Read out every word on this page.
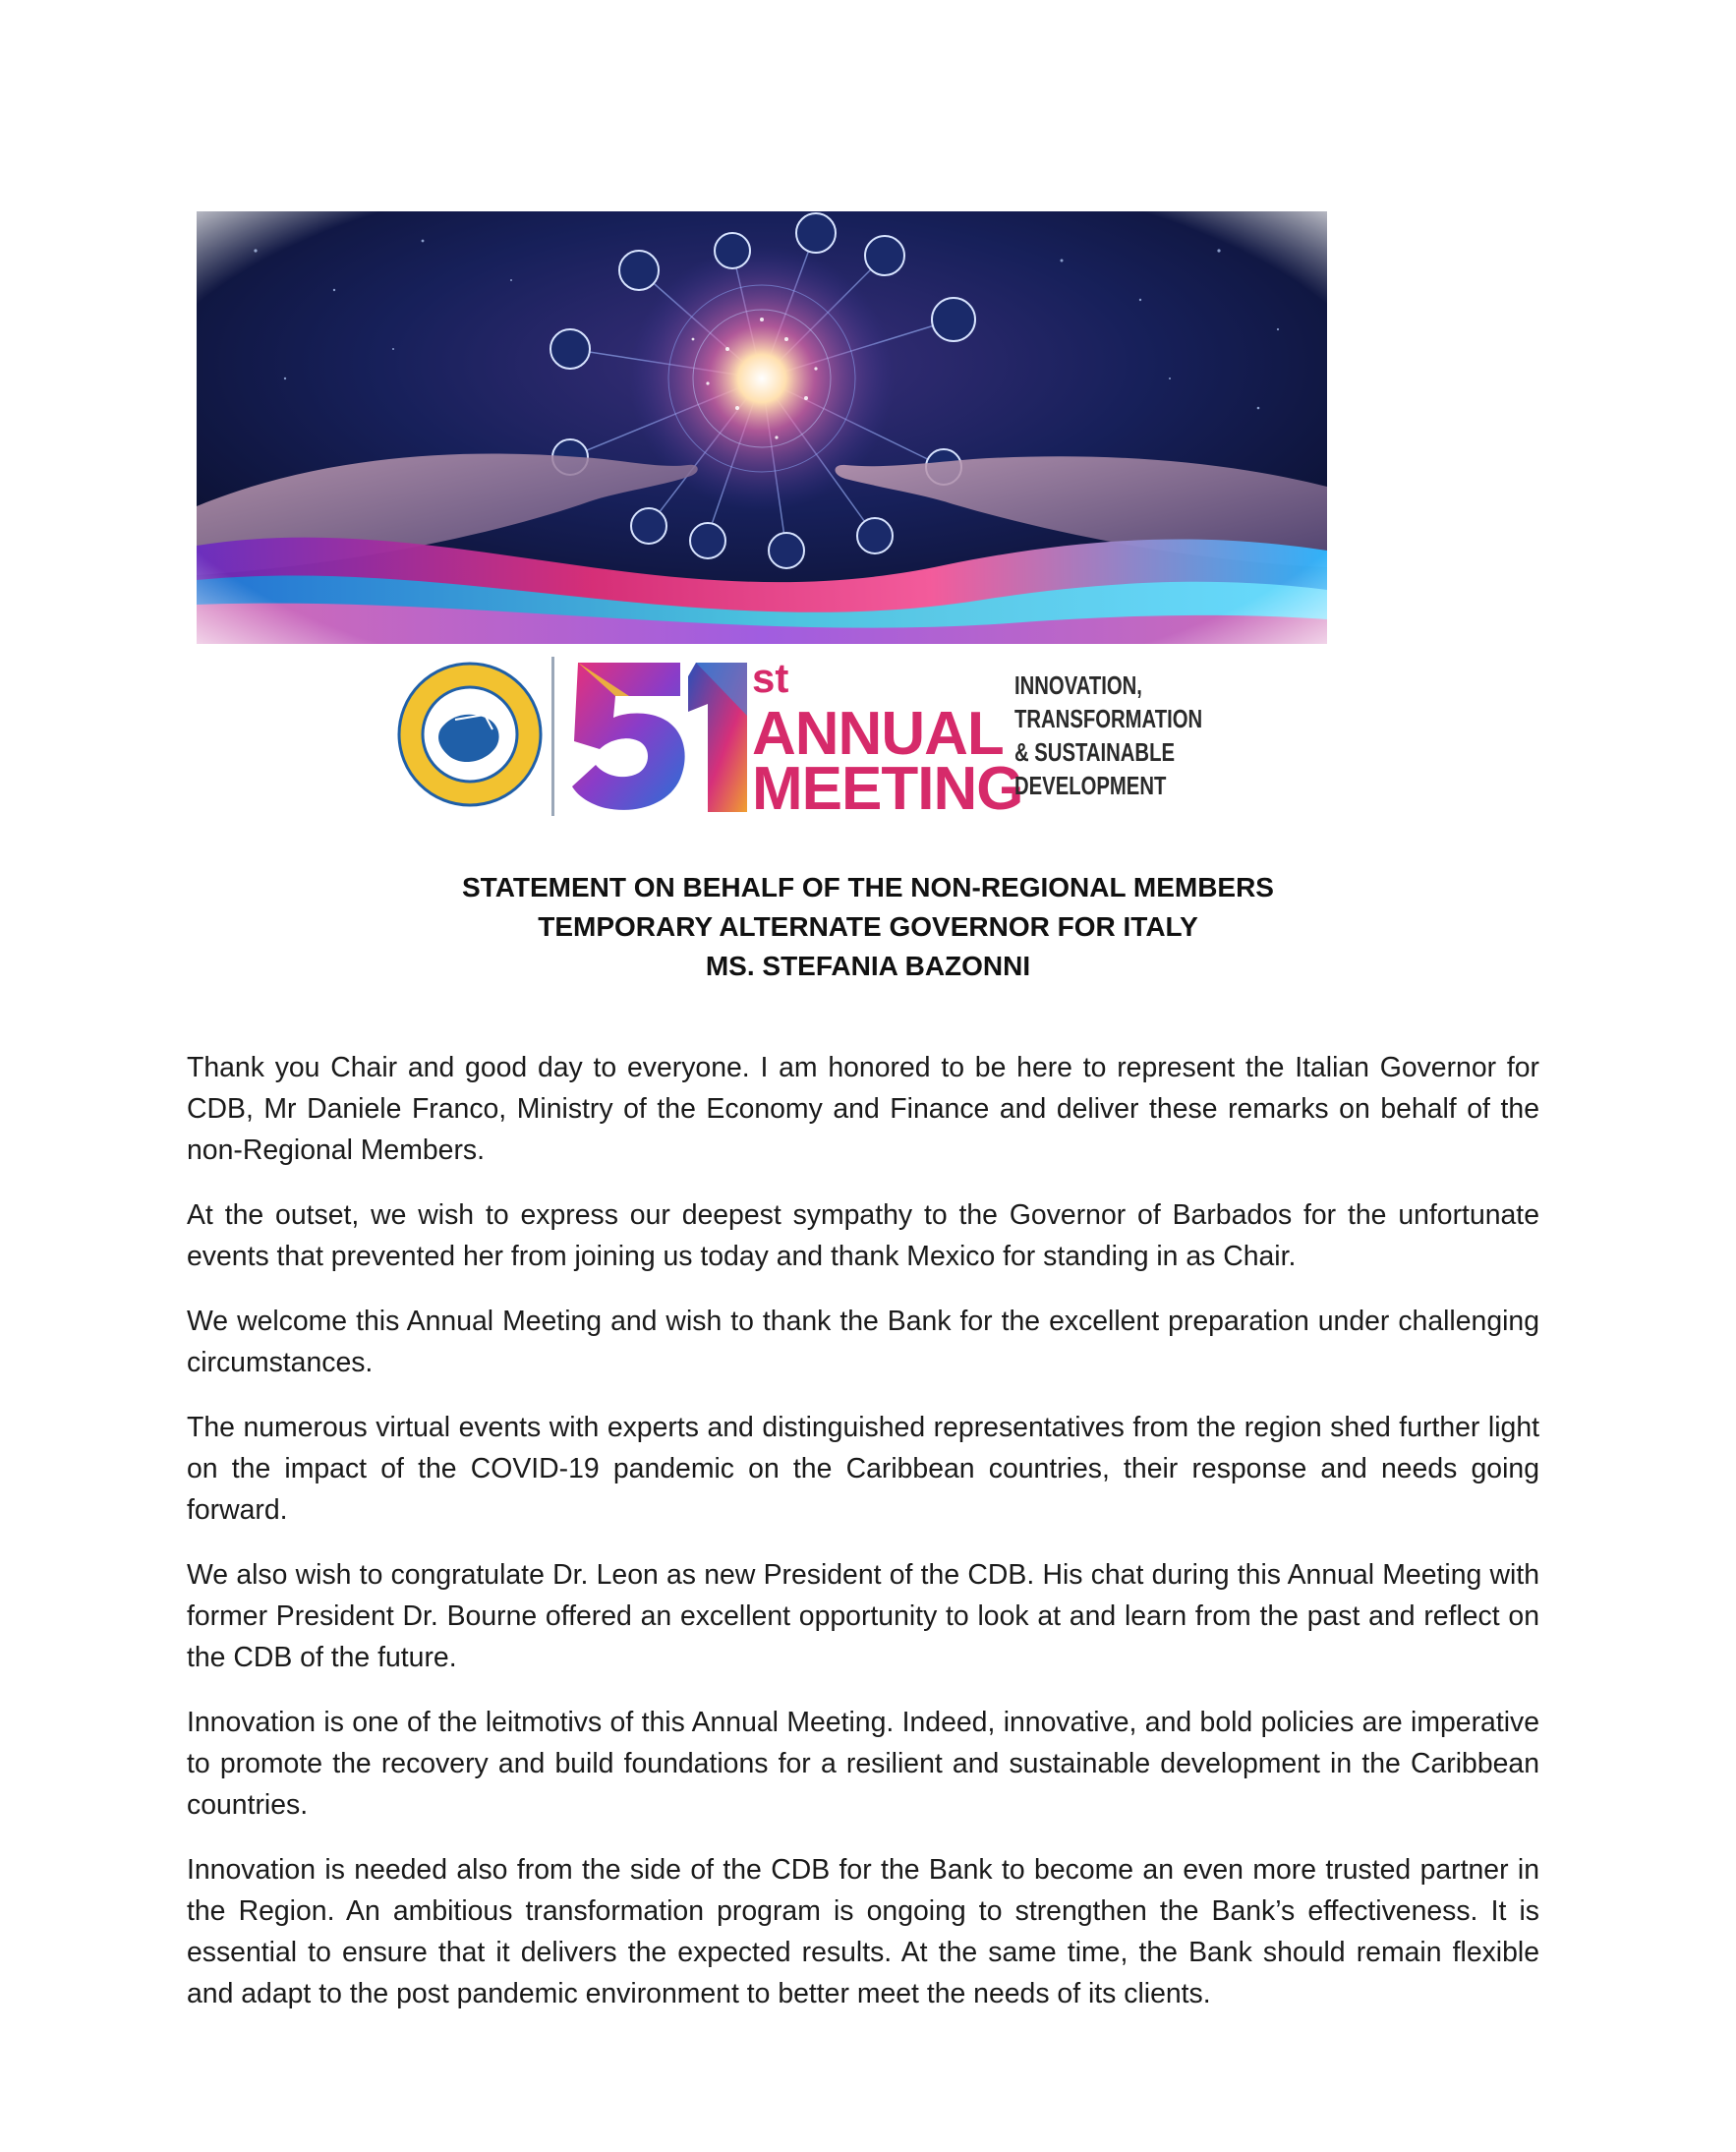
st
ANNUAL
MEETING
INNOVATION,
TRANSFORMATION
& SUSTAINABLE
DEVELOPMENT
STATEMENT ON BEHALF OF THE NON-REGIONAL MEMBERS
TEMPORARY ALTERNATE GOVERNOR FOR ITALY
MS. STEFANIA BAZONNI

Thank you Chair and good day to everyone. I am honored to be here to represent the Italian Governor for CDB, Mr Daniele Franco, Ministry of the Economy and Finance and deliver these remarks on behalf of the non-Regional Members.

At the outset, we wish to express our deepest sympathy to the Governor of Barbados for the unfortunate events that prevented her from joining us today and thank Mexico for standing in as Chair.

We welcome this Annual Meeting and wish to thank the Bank for the excellent preparation under challenging circumstances.

The numerous virtual events with experts and distinguished representatives from the region shed further light on the impact of the COVID-19 pandemic on the Caribbean countries, their response and needs going forward.

We also wish to congratulate Dr. Leon as new President of the CDB. His chat during this Annual Meeting with former President Dr. Bourne offered an excellent opportunity to look at and learn from the past and reflect on the CDB of the future.

Innovation is one of the leitmotivs of this Annual Meeting. Indeed, innovative, and bold policies are imperative to promote the recovery and build foundations for a resilient and sustainable development in the Caribbean countries.

Innovation is needed also from the side of the CDB for the Bank to become an even more trusted partner in the Region. An ambitious transformation program is ongoing to strengthen the Bank’s effectiveness. It is essential to ensure that it delivers the expected results. At the same time, the Bank should remain flexible and adapt to the post pandemic environment to better meet the needs of its clients.
